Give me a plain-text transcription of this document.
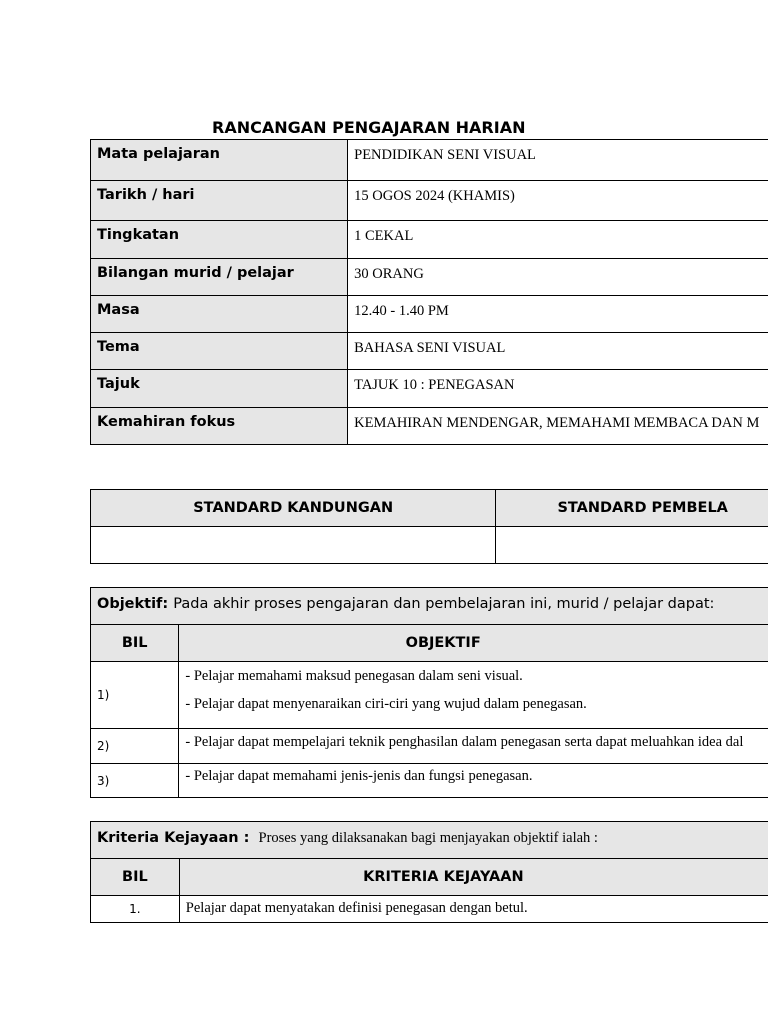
RANCANGAN PENGAJARAN HARIAN
Mata pelajaran	PENDIDIKAN SENI VISUAL
Tarikh / hari	15 OGOS 2024 (KHAMIS)
Tingkatan	1 CEKAL
Bilangan murid / pelajar	30 ORANG
Masa	12.40 - 1.40 PM
Tema	BAHASA SENI VISUAL
Tajuk	TAJUK 10 : PENEGASAN
Kemahiran fokus	KEMAHIRAN MENDENGAR, MEMAHAMI MEMBACA DAN M
STANDARD KANDUNGAN	STANDARD PEMBELA

Objektif: Pada akhir proses pengajaran dan pembelajaran ini, murid / pelajar dapat:	
BIL	OBJEKTIF
1)	- Pelajar memahami maksud penegasan dalam seni visual.
- Pelajar dapat menyenaraikan ciri-ciri yang wujud dalam penegasan.

2)	- Pelajar dapat mempelajari teknik penghasilan dalam penegasan serta dapat meluahkan idea dal

3)	- Pelajar dapat memahami jenis-jenis dan fungsi penegasan.
Kriteria Kejayaan : Proses yang dilaksanakan bagi menjayakan objektif ialah :	
BIL	KRITERIA KEJAYAAN
1.	Pelajar dapat menyatakan definisi penegasan dengan betul.
